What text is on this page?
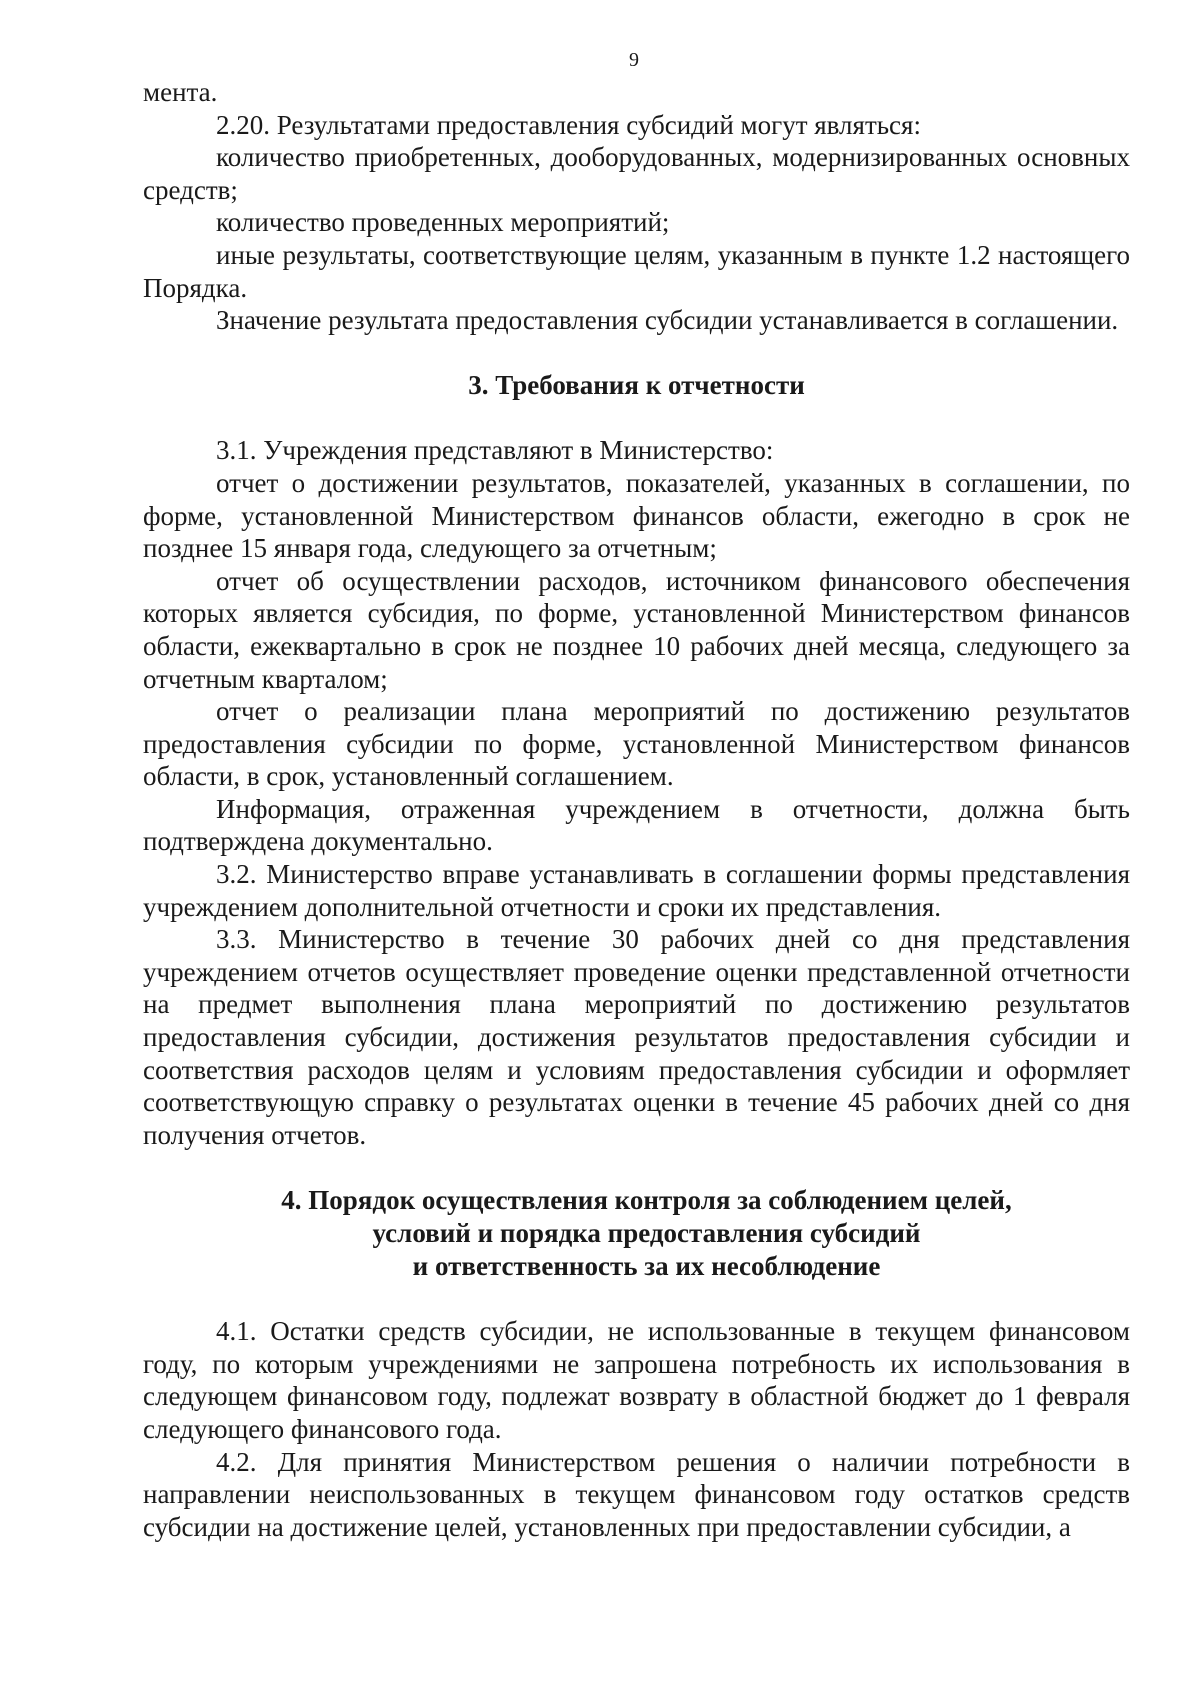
9

мента.

2.20. Результатами предоставления субсидий могут являться:

количество приобретенных, дооборудованных, модернизированных основных средств;

количество проведенных мероприятий;

иные результаты, соответствующие целям, указанным в пункте 1.2 настоящего Порядка.

Значение результата предоставления субсидии устанавливается в соглашении.

3. Требования к отчетности

3.1. Учреждения представляют в Министерство:

отчет о достижении результатов, показателей, указанных в соглашении, по форме, установленной Министерством финансов области, ежегодно в срок не позднее 15 января года, следующего за отчетным;

отчет об осуществлении расходов, источником финансового обеспечения которых является субсидия, по форме, установленной Министерством финансов области, ежеквартально в срок не позднее 10 рабочих дней месяца, следующего за отчетным кварталом;

отчет о реализации плана мероприятий по достижению результатов предоставления субсидии по форме, установленной Министерством финансов области, в срок, установленный соглашением.

Информация, отраженная учреждением в отчетности, должна быть подтверждена документально.

3.2. Министерство вправе устанавливать в соглашении формы представления учреждением дополнительной отчетности и сроки их представления.

3.3. Министерство в течение 30 рабочих дней со дня представления учреждением отчетов осуществляет проведение оценки представленной отчетности на предмет выполнения плана мероприятий по достижению результатов предоставления субсидии, достижения результатов предоставления субсидии и соответствия расходов целям и условиям предоставления субсидии и оформляет соответствующую справку о результатах оценки в течение 45 рабочих дней со дня получения отчетов.

4. Порядок осуществления контроля за соблюдением целей,
условий и порядка предоставления субсидий
и ответственность за их несоблюдение

4.1. Остатки средств субсидии, не использованные в текущем финансовом году, по которым учреждениями не запрошена потребность их использования в следующем финансовом году, подлежат возврату в областной бюджет до 1 февраля следующего финансового года.

4.2. Для принятия Министерством решения о наличии потребности в направлении неиспользованных в текущем финансовом году остатков средств субсидии на достижение целей, установленных при предоставлении субсидии, а
